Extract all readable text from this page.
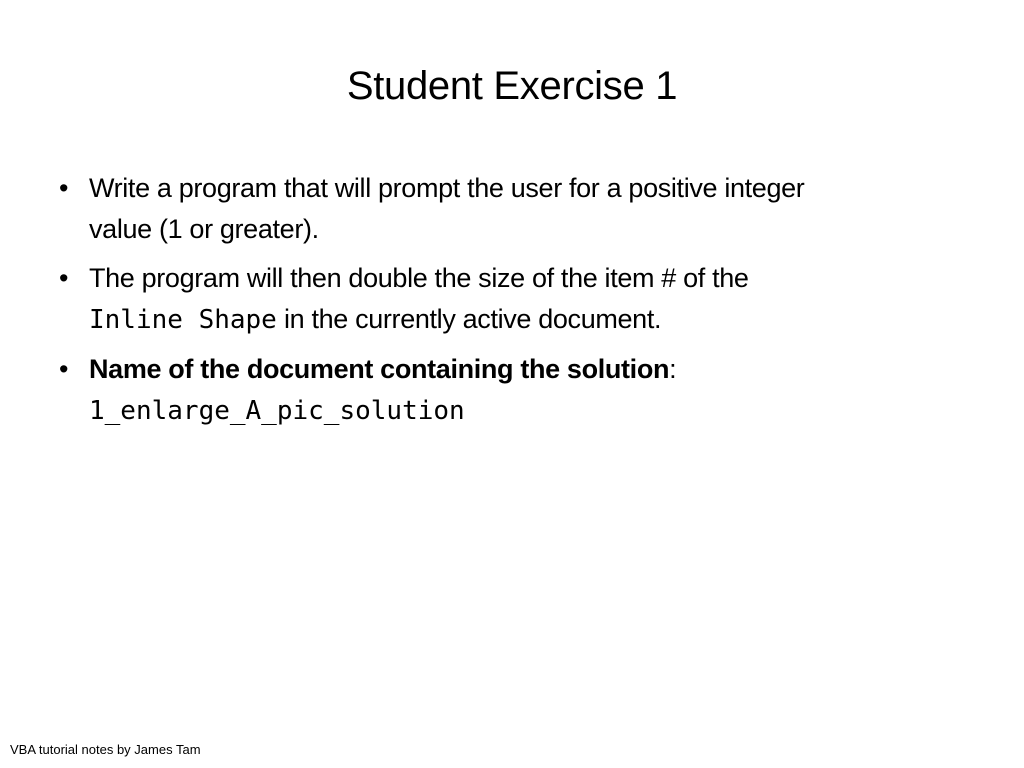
Student Exercise 1
• Write a program that will prompt the user for a positive integer
value (1 or greater).
• The program will then double the size of the item # of the
Inline Shape in the currently active document.
• Name of the document containing the solution:
1_enlarge_A_pic_solution
VBA tutorial notes by James Tam
